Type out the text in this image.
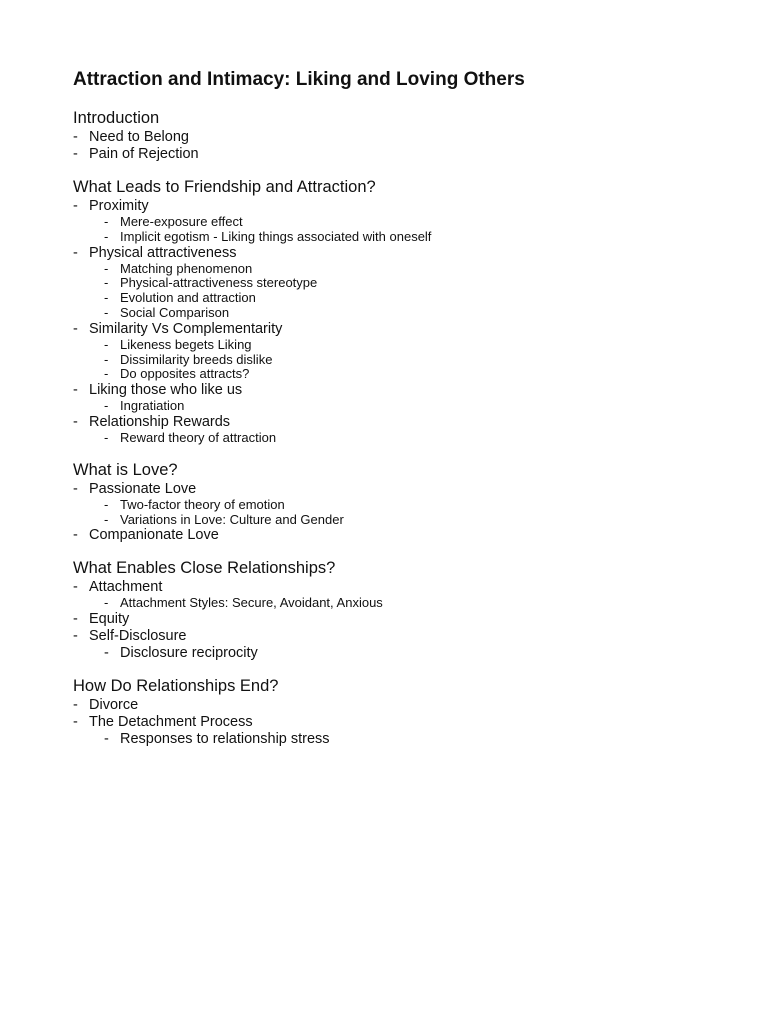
Attraction and Intimacy: Liking and Loving Others
Introduction
- Need to Belong
- Pain of Rejection
What Leads to Friendship and Attraction?
- Proximity
- Mere-exposure effect
- Implicit egotism - Liking things associated with oneself
- Physical attractiveness
- Matching phenomenon
- Physical-attractiveness stereotype
- Evolution and attraction
- Social Comparison
- Similarity Vs Complementarity
- Likeness begets Liking
- Dissimilarity breeds dislike
- Do opposites attracts?
- Liking those who like us
- Ingratiation
- Relationship Rewards
- Reward theory of attraction
What is Love?
- Passionate Love
- Two-factor theory of emotion
- Variations in Love: Culture and Gender
- Companionate Love
What Enables Close Relationships?
- Attachment
- Attachment Styles: Secure, Avoidant, Anxious
- Equity
- Self-Disclosure
- Disclosure reciprocity
How Do Relationships End?
- Divorce
- The Detachment Process
- Responses to relationship stress
